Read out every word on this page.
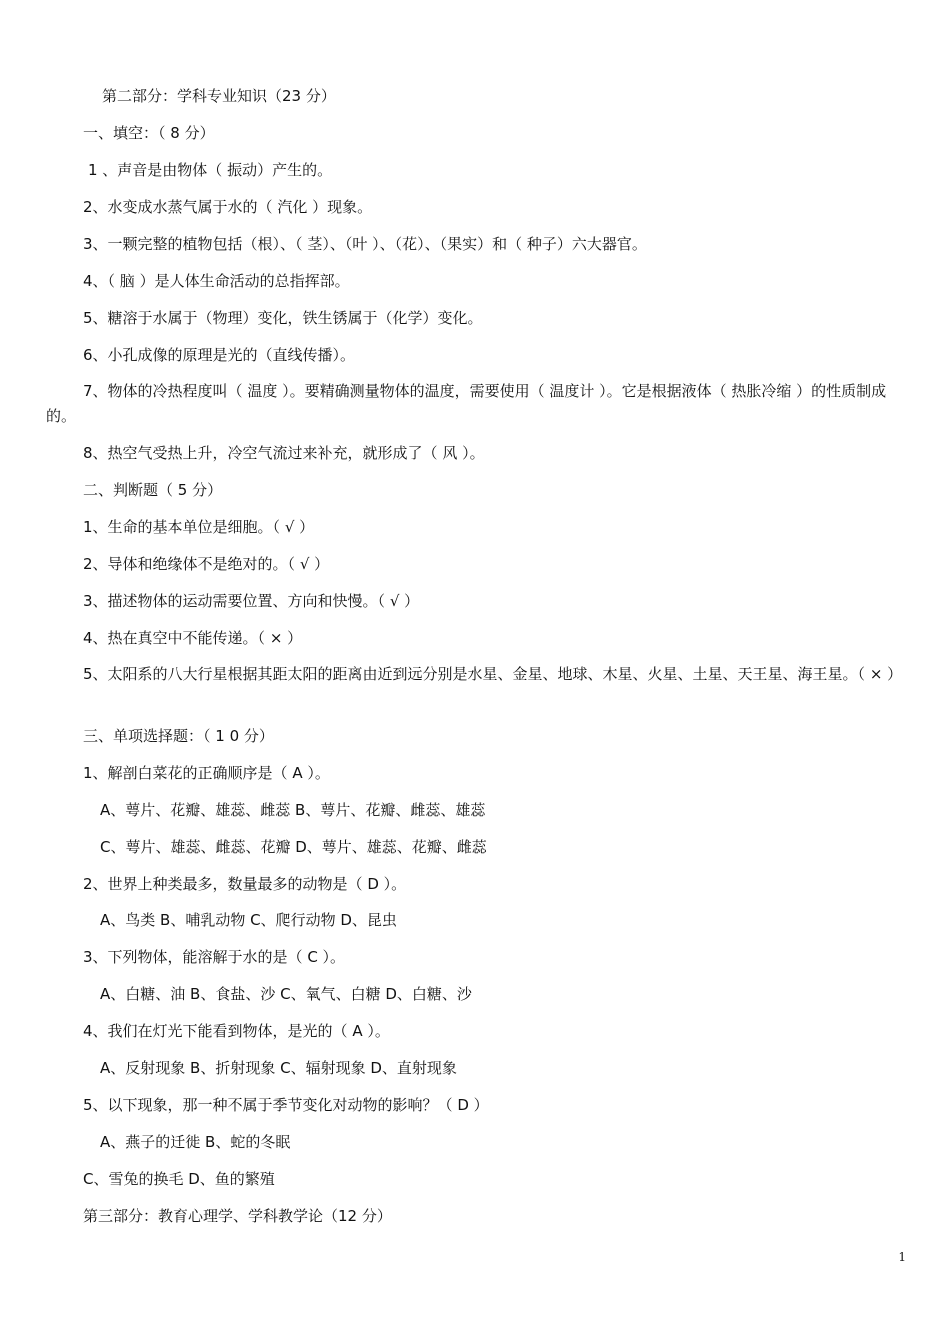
第二部分：学科专业知识（23 分）
一、填空：（ 8 分）
1 、声音是由物体（ 振动）产生的。
2、水变成水蒸气属于水的（ 汽化 ）现象。
3、一颗完整的植物包括（根）、（ 茎）、（叶 ）、（花）、（果实）和（ 种子）六大器官。
4、（ 脑 ）是人体生命活动的总指挥部。
5、糖溶于水属于（物理）变化，铁生锈属于（化学）变化。
6、小孔成像的原理是光的（直线传播）。
7、物体的冷热程度叫（ 温度 ）。要精确测量物体的温度，需要使用（ 温度计 ）。它是根据液体（ 热胀冷缩 ）的性质制成的。
8、热空气受热上升，冷空气流过来补充，就形成了（ 风 ）。
二、判断题（ 5 分）
1、生命的基本单位是细胞。（ √ ）
2、导体和绝缘体不是绝对的。（ √ ）
3、描述物体的运动需要位置、方向和快慢。（ √ ）
4、热在真空中不能传递。（ × ）
5、太阳系的八大行星根据其距太阳的距离由近到远分别是水星、金星、地球、木星、火星、土星、天王星、海王星。（ × ）
三、单项选择题：（ 1 0 分）
1、解剖白菜花的正确顺序是（ A ）。
A、萼片、花瓣、雄蕊、雌蕊 B、萼片、花瓣、雌蕊、雄蕊
C、萼片、雄蕊、雌蕊、花瓣 D、萼片、雄蕊、花瓣、雌蕊
2、世界上种类最多，数量最多的动物是（ D ）。
A、鸟类 B、哺乳动物 C、爬行动物 D、昆虫
3、下列物体，能溶解于水的是（ C ）。
A、白糖、油 B、食盐、沙 C、氧气、白糖 D、白糖、沙
4、我们在灯光下能看到物体，是光的（ A ）。
A、反射现象 B、折射现象 C、辐射现象 D、直射现象
5、以下现象，那一种不属于季节变化对动物的影响？（ D ）
A、燕子的迁徙 B、蛇的冬眠
C、雪兔的换毛 D、鱼的繁殖
第三部分：教育心理学、学科教学论（12 分）
1
